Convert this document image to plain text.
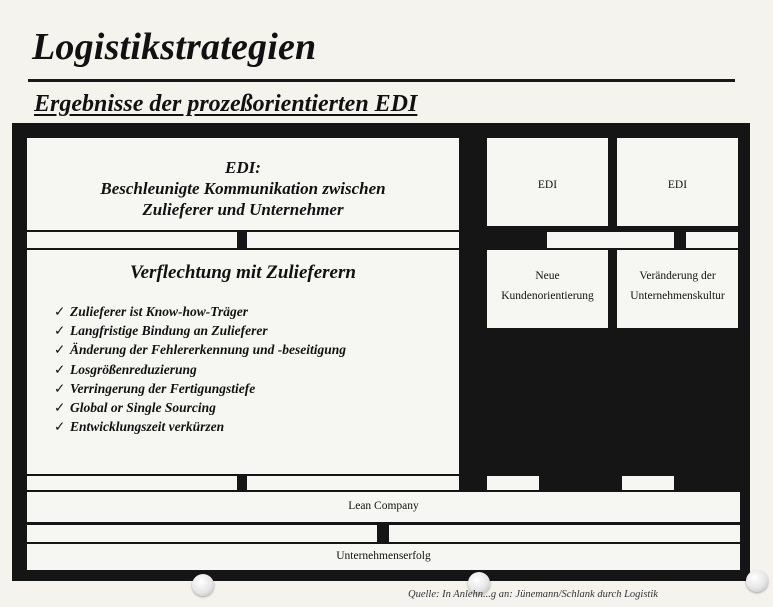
Logistikstrategien
Ergebnisse der prozeßorientierten EDI
EDI:
Beschleunigte Kommunikation zwischen
Zulieferer und Unternehmer
Verflechtung mit Zulieferern
✓ Zulieferer ist Know-how-Träger
✓ Langfristige Bindung an Zulieferer
✓ Änderung der Fehlererkennung und -beseitigung
✓ Losgrößenreduzierung
✓ Verringerung der Fertigungstiefe
✓ Global or Single Sourcing
✓ Entwicklungszeit verkürzen
EDI	EDI
Neue
Kundenorientierung
Veränderung der
Unternehmenskultur
Lean Company
Unternehmenserfolg
Quelle: In Anlehn...g an: Jünemann/Schlank durch Logistik
